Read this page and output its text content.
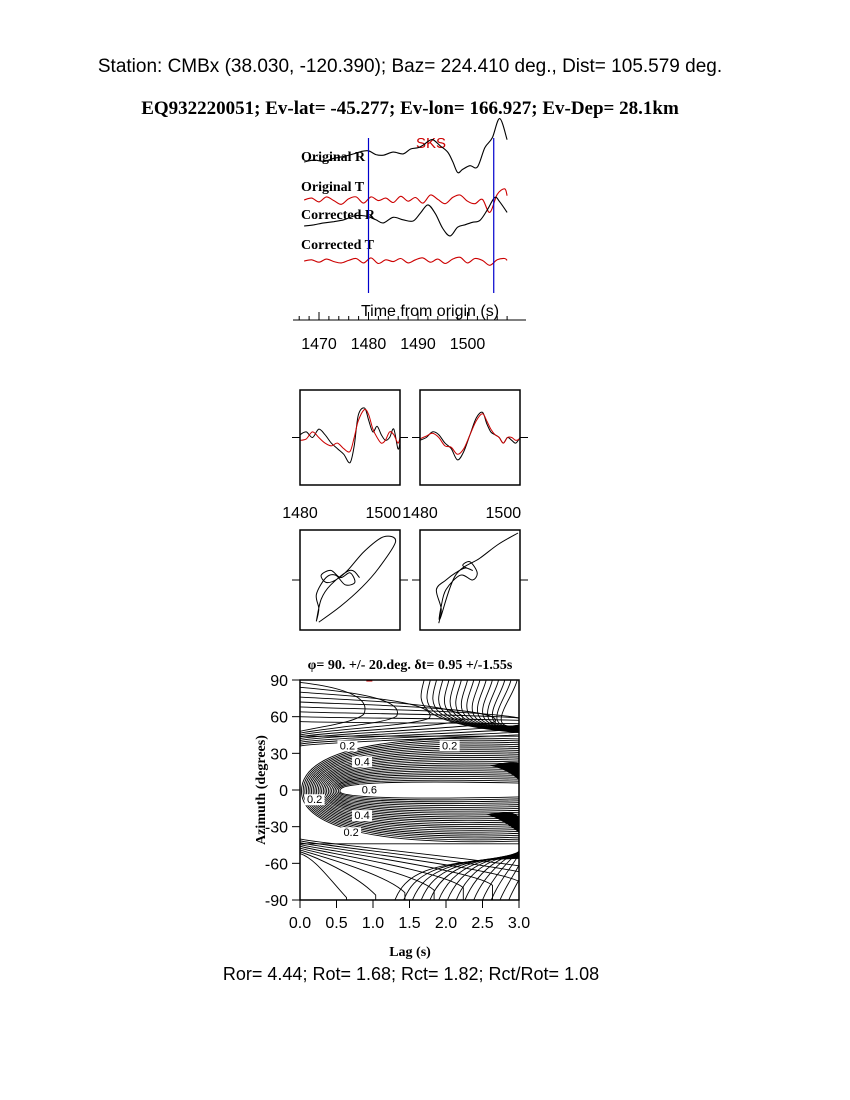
Station: CMBx (38.030, -120.390); Baz= 224.410 deg., Dist= 105.579 deg.
EQ932220051; Ev-lat= -45.277; Ev-lon= 166.927; Ev-Dep= 28.1km
SKS
Original R
Original T
Corrected R
Corrected T
Time from origin (s)
1470 1480 1490 1500
1480	1500 1480	1500
φ= 90. +/- 20.deg. δt= 0.95 +/-1.55s
0.2
0.4
0.6
0.4
0.2
0.2
0.2
0.0 0.5 1.0 1.5 2.0 2.5 3.0
90
60
30
0
-30
-60
-90
Lag (s)
Azimuth (degrees)
Ror= 4.44; Rot= 1.68; Rct= 1.82; Rct/Rot= 1.08
